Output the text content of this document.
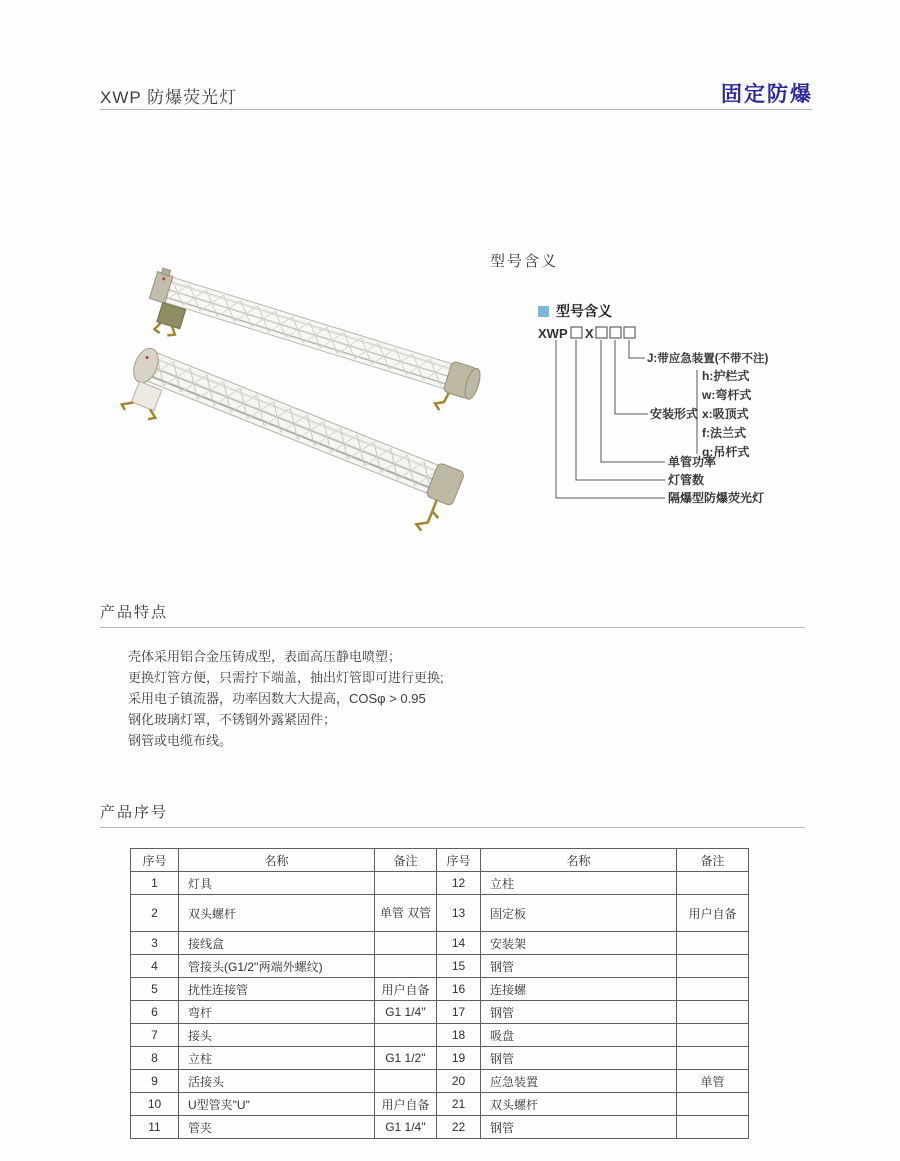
XWP 防爆荧光灯	固定防爆
型号含义
型号含义
XWP X
J:带应急装置(不带不注)
安装形式
h:护栏式
w:弯杆式
x:吸顶式
f:法兰式
g:吊杆式
单管功率
灯管数
隔爆型防爆荧光灯
产品特点
壳体采用铝合金压铸成型，表面高压静电喷塑；
更换灯管方便，只需拧下端盖，抽出灯管即可进行更换;
采用电子镇流器，功率因数大大提高，COSφ > 0.95
钢化玻璃灯罩，不锈钢外露紧固件；
钢管或电缆布线。
产品序号
序号	名称	备注	序号	名称	备注
1	灯具		12	立柱	
2	双头螺杆	单管 双管	13	固定板	用户自备
3	接线盒		14	安装架	
4	管接头(G1/2''两端外螺纹)		15	钢管	
5	扰性连接管	用户自备	16	连接螺	
6	弯杆	G1 1/4''	17	钢管	
7	接头		18	吸盘	
8	立柱	G1 1/2''	19	钢管	
9	活接头		20	应急装置	单管
10	U型管夹"U"	用户自备	21	双头螺杆	
11	管夹	G1 1/4''	22	钢管	
